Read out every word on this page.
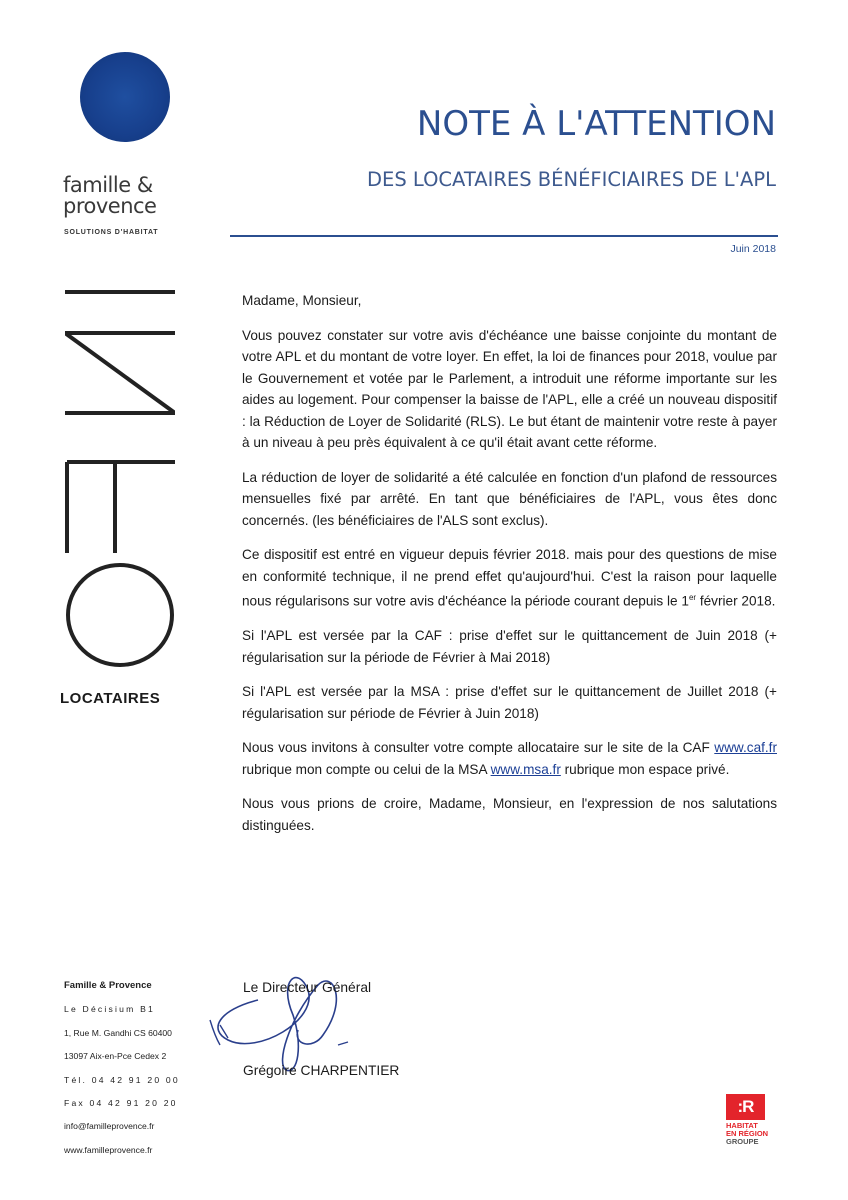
famille &
provence
SOLUTIONS D'HABITAT
LOCATAIRES
NOTE À L'ATTENTION
DES LOCATAIRES BÉNÉFICIAIRES DE L'APL
Juin 2018

Madame, Monsieur,

Vous pouvez constater sur votre avis d'échéance une baisse conjointe du montant de votre APL et du montant de votre loyer. En effet, la loi de finances pour 2018, voulue par le Gouvernement et votée par le Parlement, a introduit une réforme importante sur les aides au logement. Pour compenser la baisse de l'APL, elle a créé un nouveau dispositif : la Réduction de Loyer de Solidarité (RLS). Le but étant de maintenir votre reste à payer à un niveau à peu près équivalent à ce qu'il était avant cette réforme.

La réduction de loyer de solidarité a été calculée en fonction d'un plafond de ressources mensuelles fixé par arrêté. En tant que bénéficiaires de l'APL, vous êtes donc concernés. (les bénéficiaires de l'ALS sont exclus).

Ce dispositif est entré en vigueur depuis février 2018. mais pour des questions de mise en conformité technique, il ne prend effet qu'aujourd'hui. C'est la raison pour laquelle nous régularisons sur votre avis d'échéance la période courant depuis le 1er février 2018.

Si l'APL est versée par la CAF : prise d'effet sur le quittancement de Juin 2018 (+ régularisation sur la période de Février à Mai 2018)

Si l'APL est versée par la MSA : prise d'effet sur le quittancement de Juillet 2018 (+ régularisation sur période de Février à Juin 2018)

Nous vous invitons à consulter votre compte allocataire sur le site de la CAF www.caf.fr rubrique mon compte ou celui de la MSA www.msa.fr rubrique mon espace privé.

Nous vous prions de croire, Madame, Monsieur, en l'expression de nos salutations distinguées.

Le Directeur Général
Grégoire CHARPENTIER
Famille & Provence
Le Décisium B1
1, Rue M. Gandhi CS 60400
13097 Aix-en-Pce Cedex 2
Tél. 04 42 91 20 00
Fax 04 42 91 20 20
info@familleprovence.fr
www.familleprovence.fr
:R
HABITAT
EN RÉGION
GROUPE
